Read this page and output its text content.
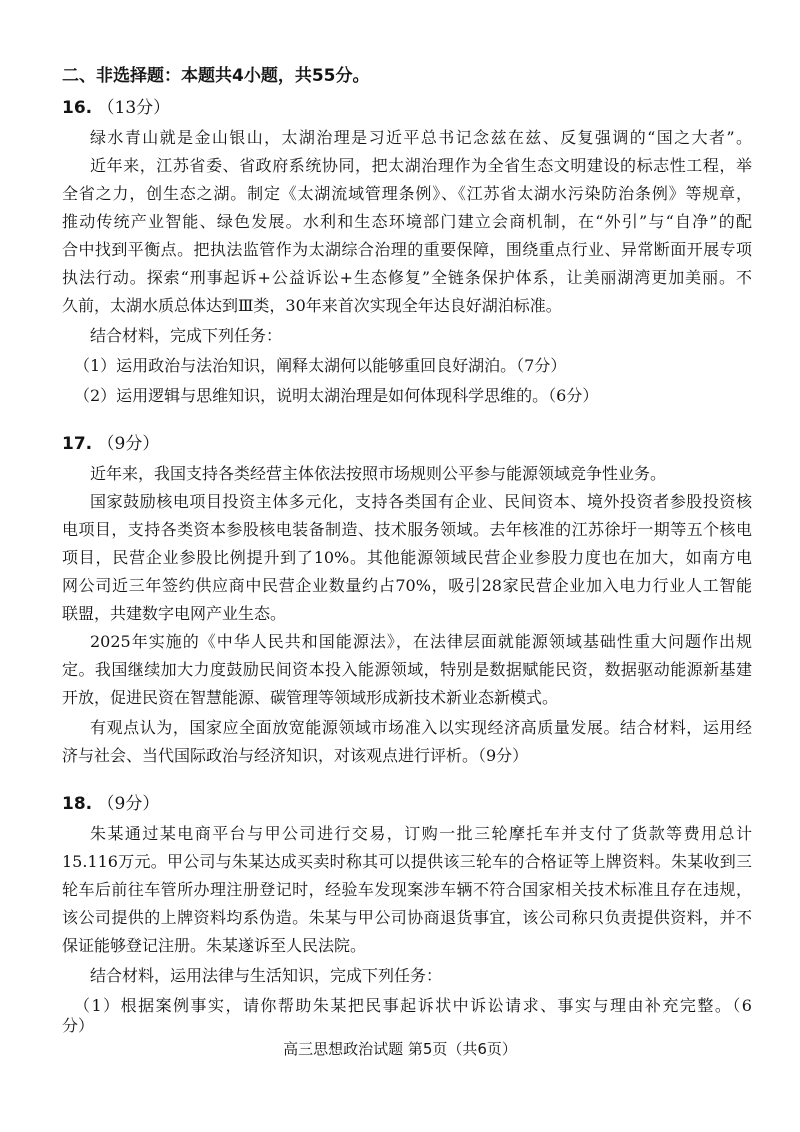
二、非选择题：本题共4小题，共55分。
16. （13分）
绿水青山就是金山银山，太湖治理是习近平总书记念兹在兹、反复强调的“国之大者”。
近年来，江苏省委、省政府系统协同，把太湖治理作为全省生态文明建设的标志性工程，举
全省之力，创生态之湖。制定《太湖流域管理条例》、《江苏省太湖水污染防治条例》等规章，
推动传统产业智能、绿色发展。水利和生态环境部门建立会商机制，在“外引”与“自净”的配
合中找到平衡点。把执法监管作为太湖综合治理的重要保障，围绕重点行业、异常断面开展专项
执法行动。探索“刑事起诉+公益诉讼+生态修复”全链条保护体系，让美丽湖湾更加美丽。不
久前，太湖水质总体达到Ⅲ类，30年来首次实现全年达良好湖泊标准。
结合材料，完成下列任务：
（1）运用政治与法治知识，阐释太湖何以能够重回良好湖泊。（7分）
（2）运用逻辑与思维知识，说明太湖治理是如何体现科学思维的。（6分）
17. （9分）
近年来，我国支持各类经营主体依法按照市场规则公平参与能源领域竞争性业务。
国家鼓励核电项目投资主体多元化，支持各类国有企业、民间资本、境外投资者参股投资核
电项目，支持各类资本参股核电装备制造、技术服务领域。去年核准的江苏徐圩一期等五个核电
项目，民营企业参股比例提升到了10%。其他能源领域民营企业参股力度也在加大，如南方电
网公司近三年签约供应商中民营企业数量约占70%，吸引28家民营企业加入电力行业人工智能
联盟，共建数字电网产业生态。
2025年实施的《中华人民共和国能源法》，在法律层面就能源领域基础性重大问题作出规
定。我国继续加大力度鼓励民间资本投入能源领域，特别是数据赋能民资，数据驱动能源新基建
开放，促进民资在智慧能源、碳管理等领域形成新技术新业态新模式。
有观点认为，国家应全面放宽能源领域市场准入以实现经济高质量发展。结合材料，运用经
济与社会、当代国际政治与经济知识，对该观点进行评析。（9分）
18. （9分）
朱某通过某电商平台与甲公司进行交易，订购一批三轮摩托车并支付了货款等费用总计
15.116万元。甲公司与朱某达成买卖时称其可以提供该三轮车的合格证等上牌资料。朱某收到三
轮车后前往车管所办理注册登记时，经验车发现案涉车辆不符合国家相关技术标准且存在违规，
该公司提供的上牌资料均系伪造。朱某与甲公司协商退货事宜，该公司称只负责提供资料，并不
保证能够登记注册。朱某遂诉至人民法院。
结合材料，运用法律与生活知识，完成下列任务：
（1）根据案例事实，请你帮助朱某把民事起诉状中诉讼请求、事实与理由补充完整。（6
分）
高三思想政治试题 第5页（共6页）
